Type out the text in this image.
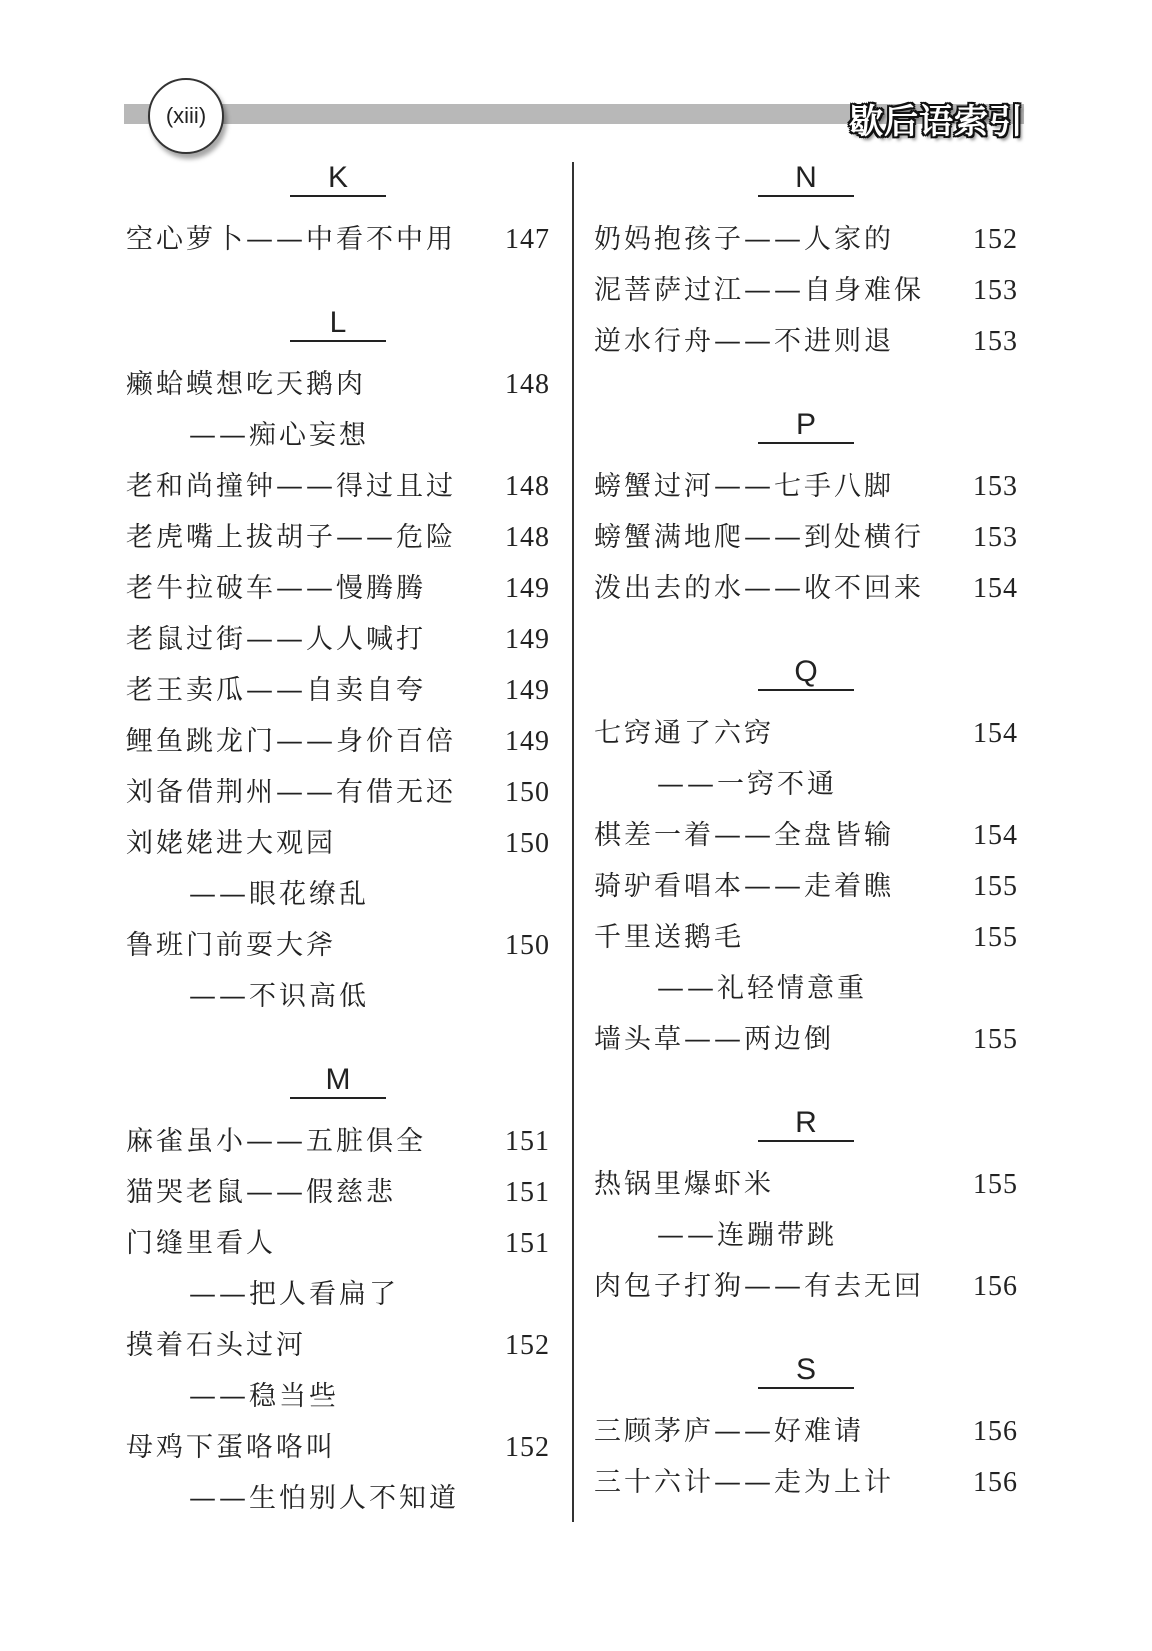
(xiii)	歇后语索引
K
空心萝卜——中看不中用 147
L
癞蛤蟆想吃天鹅肉	148
——痴心妄想
老和尚撞钟——得过且过 148
老虎嘴上拔胡子——危险 148
老牛拉破车——慢腾腾	149
老鼠过街——人人喊打	149
老王卖瓜——自卖自夸	149
鲤鱼跳龙门——身价百倍 149
刘备借荆州——有借无还 150
刘姥姥进大观园	150
——眼花缭乱
鲁班门前耍大斧	150
——不识高低
M
麻雀虽小——五脏俱全	151
猫哭老鼠——假慈悲	151
门缝里看人	151
——把人看扁了
摸着石头过河	152
——稳当些
母鸡下蛋咯咯叫	152
——生怕别人不知道
N
奶妈抱孩子——人家的	152
泥菩萨过江——自身难保 153
逆水行舟——不进则退	153
P
螃蟹过河——七手八脚	153
螃蟹满地爬——到处横行 153
泼出去的水——收不回来 154
Q
七窍通了六窍	154
——一窍不通
棋差一着——全盘皆输	154
骑驴看唱本——走着瞧	155
千里送鹅毛	155
——礼轻情意重
墙头草——两边倒	155
R
热锅里爆虾米	155
——连蹦带跳
肉包子打狗——有去无回 156
S
三顾茅庐——好难请	156
三十六计——走为上计	156
